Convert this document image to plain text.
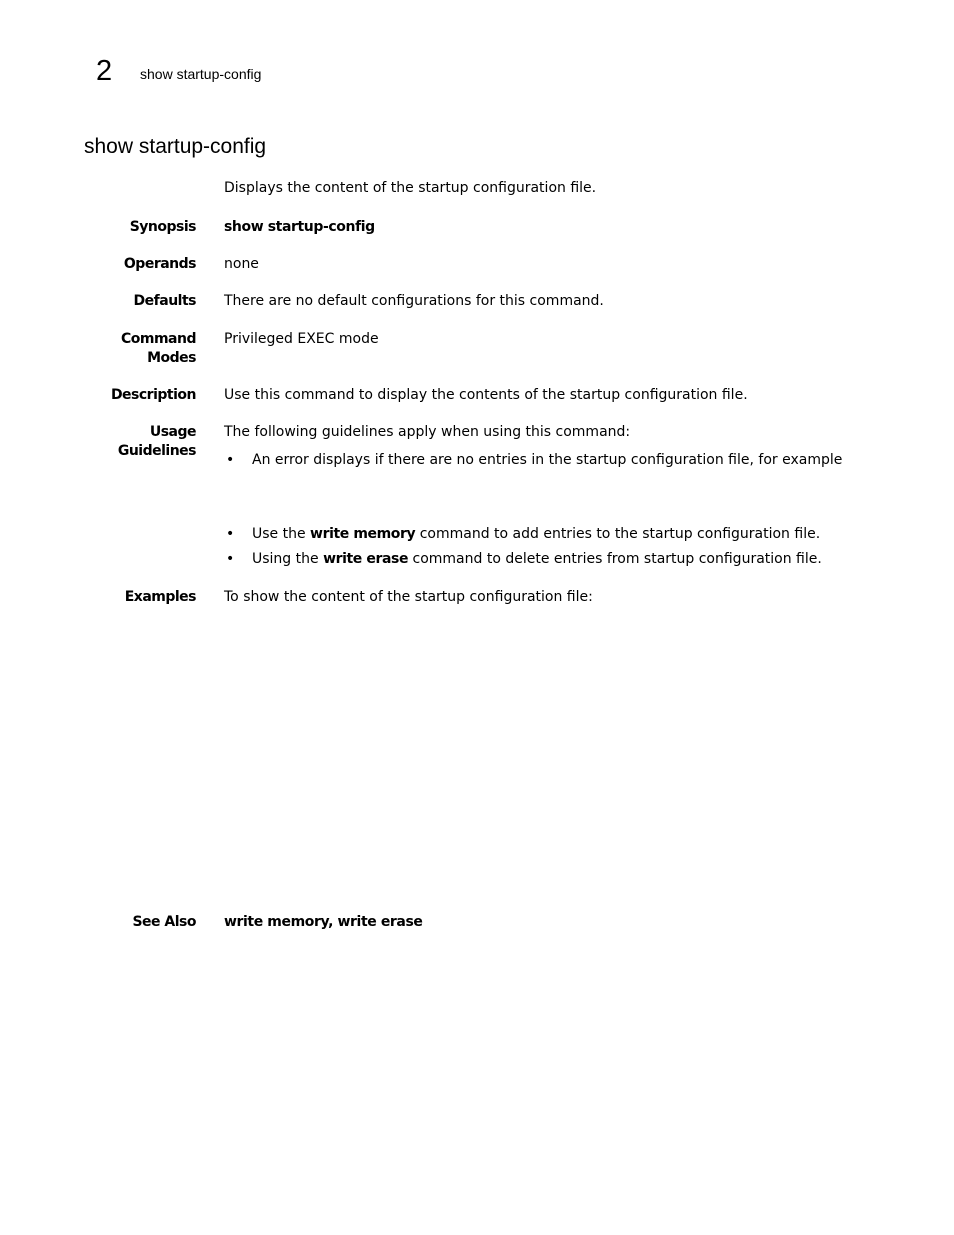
2 show startup-config
show startup-config
Displays the content of the startup configuration file.
Synopsis show startup-config
Operands none
Defaults There are no default configurations for this command.
Command
Modes
Privileged EXEC mode
Description Use this command to display the contents of the startup configuration file.
Usage
Guidelines
The following guidelines apply when using this command:
• An error displays if there are no entries in the startup configuration file, for example
• Use the write memory command to add entries to the startup configuration file.
• Using the write erase command to delete entries from startup configuration file.
Examples To show the content of the startup configuration file:
See Also write memory, write erase
